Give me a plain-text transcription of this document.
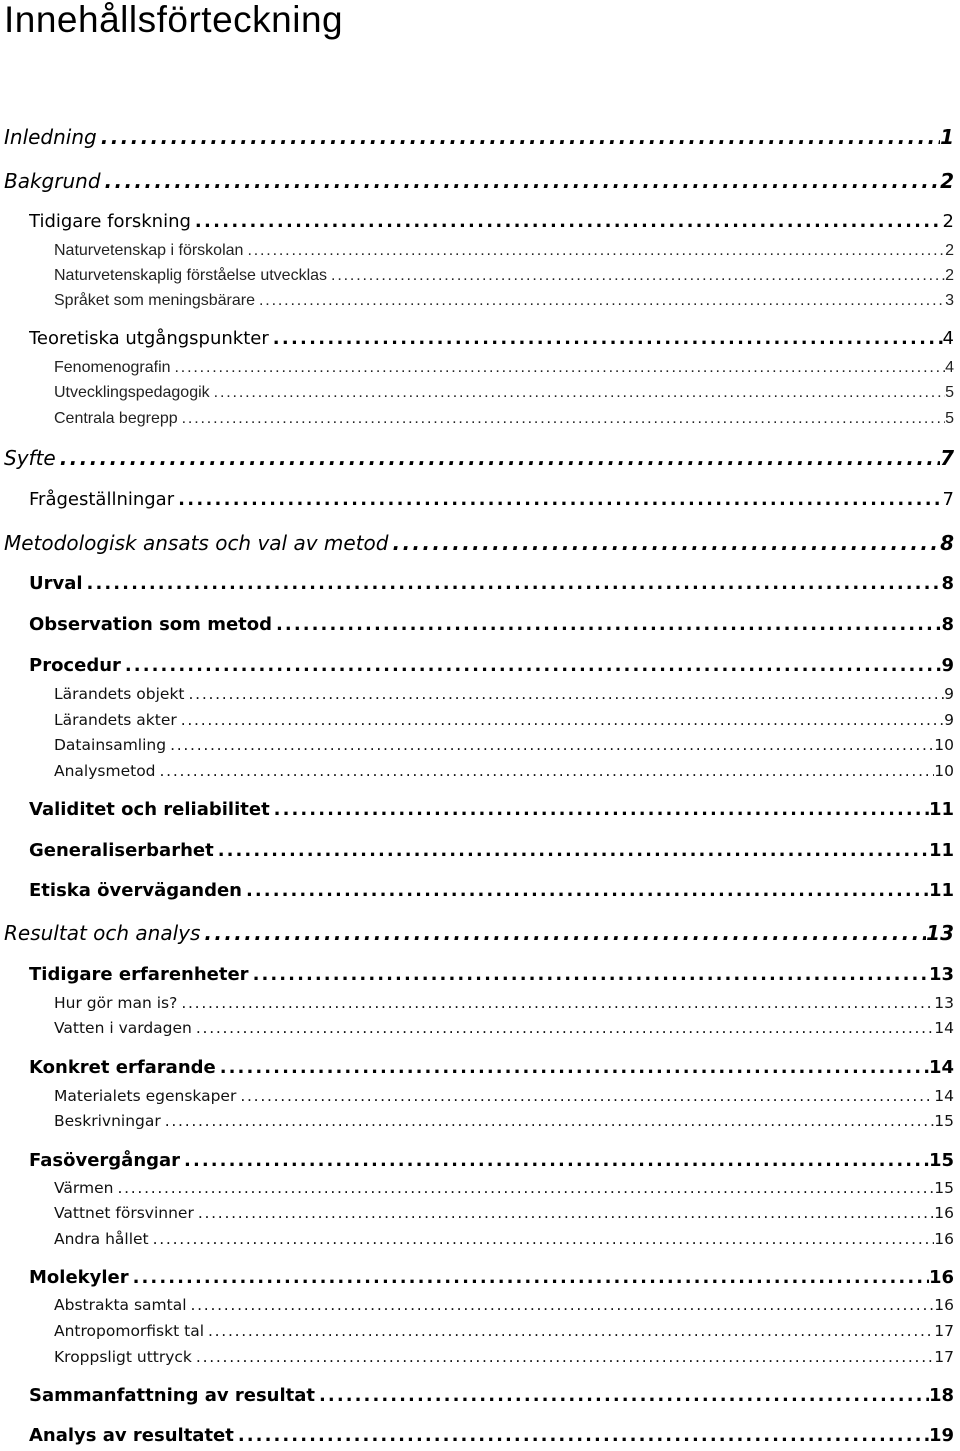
Innehållsförteckning
Inledning . . .	1
Bakgrund . . .	2
Tidigare forskning . . .	2
Naturvetenskap i förskolan . . .	2
Naturvetenskaplig förståelse utvecklas . . .	2
Språket som meningsbärare . . .	3
Teoretiska utgångspunkter . . .	4
Fenomenografin . . .	4
Utvecklingspedagogik . . .	5
Centrala begrepp . . .	5
Syfte . . .	7
Frågeställningar . . .	7
Metodologisk ansats och val av metod . . .	8
Urval . . .	8
Observation som metod . . .	8
Procedur . . .	9
Lärandets objekt . . .	9
Lärandets akter . . .	9
Datainsamling . . .	10
Analysmetod . . .	10
Validitet och reliabilitet . . .	11
Generaliserbarhet . . .	11
Etiska överväganden . . .	11
Resultat och analys . . .	13
Tidigare erfarenheter . . .	13
Hur gör man is? . . .	13
Vatten i vardagen . . .	14
Konkret erfarande . . .	14
Materialets egenskaper . . .	14
Beskrivningar . . .	15
Fasövergångar . . .	15
Värmen . . .	15
Vattnet försvinner . . .	16
Andra hållet . . .	16
Molekyler . . .	16
Abstrakta samtal . . .	16
Antropomorfiskt tal . . .	17
Kroppsligt uttryck . . .	17
Sammanfattning av resultat . . .	18
Analys av resultatet . . .	19
